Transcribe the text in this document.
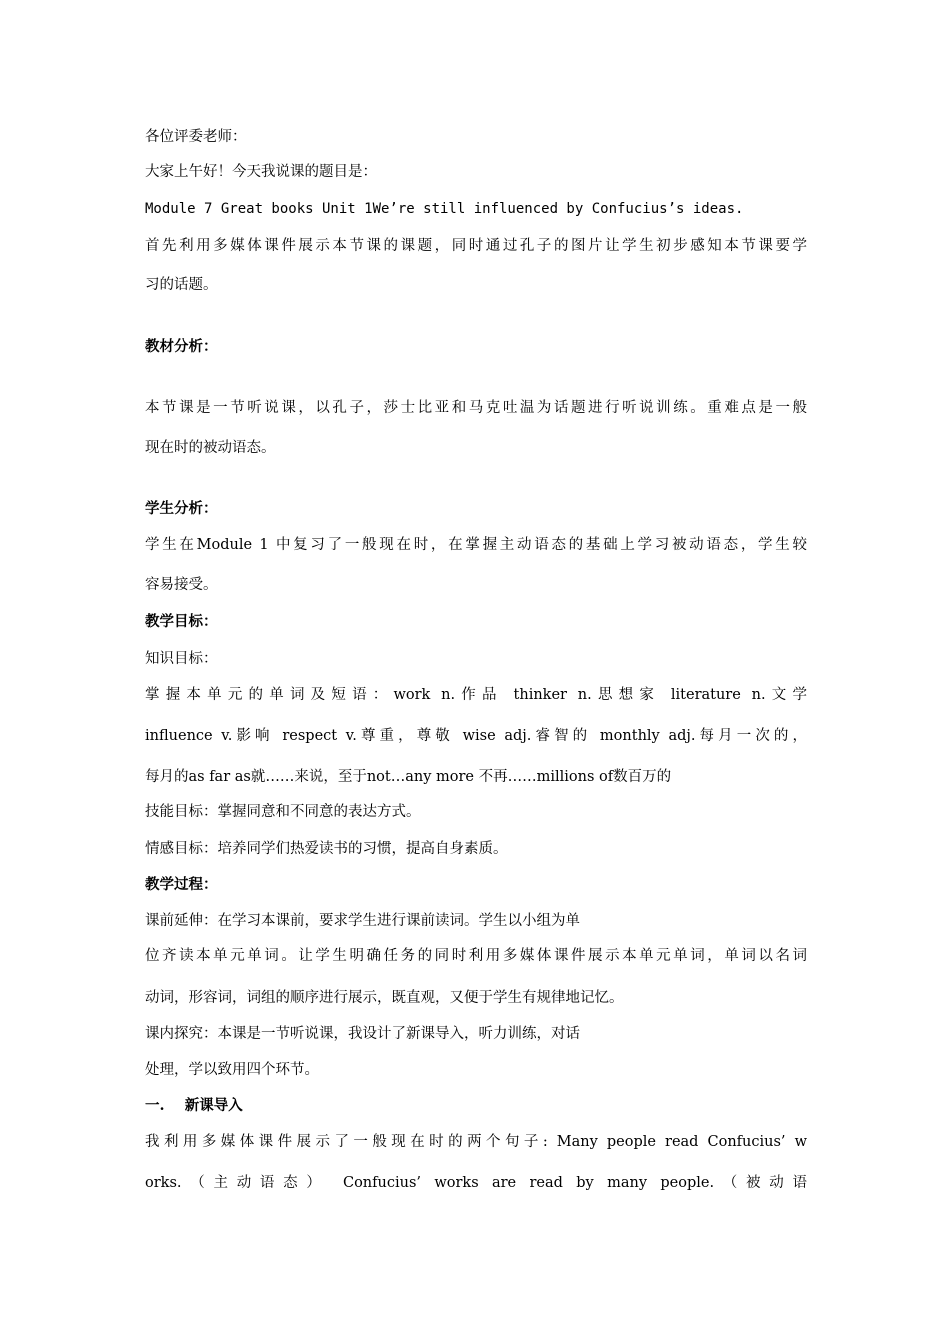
各位评委老师：
大家上午好！今天我说课的题目是：
Module 7 Great books Unit 1We’re still influenced by Confucius’s ideas.
首先利用多媒体课件展示本节课的课题，同时通过孔子的图片让学生初步感知本节课要学
习的话题。
教材分析：
本节课是一节听说课，以孔子，莎士比亚和马克吐温为话题进行听说训练。重难点是一般
现在时的被动语态。
学生分析：
学生在Module 1 中复习了一般现在时，在掌握主动语态的基础上学习被动语态，学生较
容易接受。
教学目标：
知识目标：
掌握本单元的单词及短语：work n.作品 thinker n.思想家 literature n.文学
influence v.影响 respect v.尊重，尊敬 wise adj.睿智的 monthly adj.每月一次的，
每月的as far as就……来说，至于not…any more 不再……millions of数百万的
技能目标：掌握同意和不同意的表达方式。
情感目标：培养同学们热爱读书的习惯，提高自身素质。
教学过程：
课前延伸：在学习本课前，要求学生进行课前读词。学生以小组为单
位齐读本单元单词。让学生明确任务的同时利用多媒体课件展示本单元单词，单词以名词
动词，形容词，词组的顺序进行展示，既直观，又便于学生有规律地记忆。
课内探究：本课是一节听说课，我设计了新课导入，听力训练，对话
处理，学以致用四个环节。
一.    新课导入
我利用多媒体课件展示了一般现在时的两个句子: Many people read Confucius’ w
orks.（主动语态） Confucius’ works are read by many people.（被动语
